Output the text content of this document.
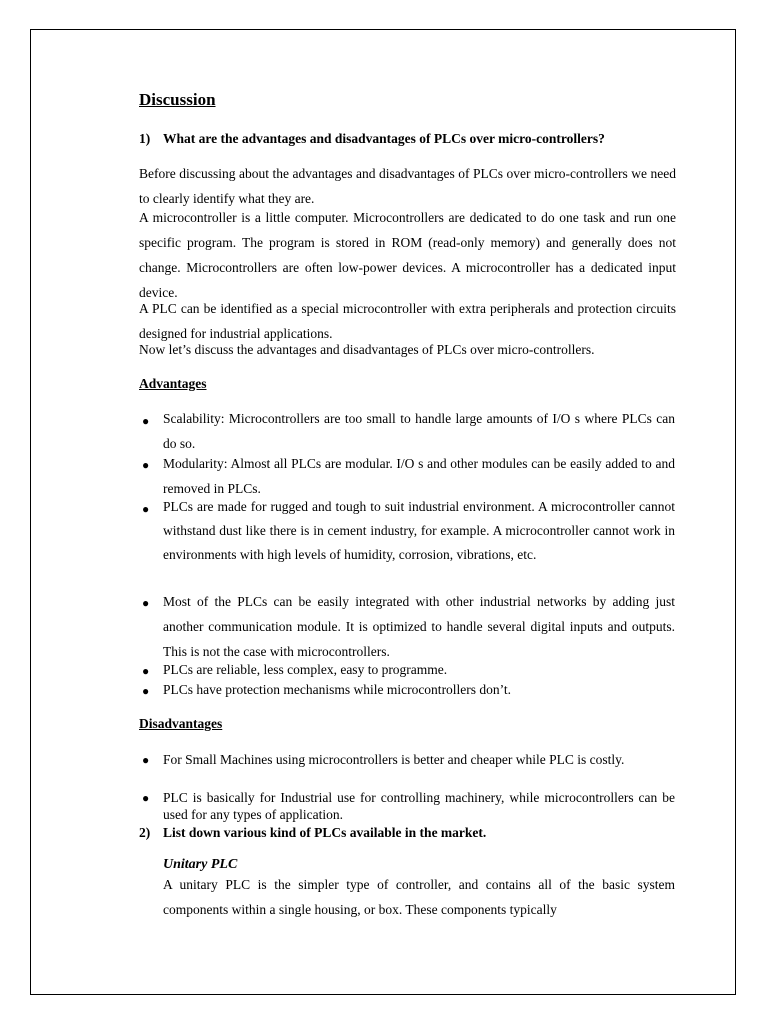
Discussion
1) What are the advantages and disadvantages of PLCs over micro-controllers?

Before discussing about the advantages and disadvantages of PLCs over micro-controllers we need to clearly identify what they are.

A microcontroller is a little computer. Microcontrollers are dedicated to do one task and run one specific program. The program is stored in ROM (read-only memory) and generally does not change. Microcontrollers are often low-power devices. A microcontroller has a dedicated input device.

A PLC can be identified as a special microcontroller with extra peripherals and protection circuits designed for industrial applications.

Now let’s discuss the advantages and disadvantages of PLCs over micro-controllers.

Advantages
● Scalability: Microcontrollers are too small to handle large amounts of I/O s where PLCs can do so.
● Modularity: Almost all PLCs are modular. I/O s and other modules can be easily added to and removed in PLCs.
● PLCs are made for rugged and tough to suit industrial environment. A microcontroller cannot withstand dust like there is in cement industry, for example. A microcontroller cannot work in environments with high levels of humidity, corrosion, vibrations, etc.
● Most of the PLCs can be easily integrated with other industrial networks by adding just another communication module. It is optimized to handle several digital inputs and outputs. This is not the case with microcontrollers.
● PLCs are reliable, less complex, easy to programme.
● PLCs have protection mechanisms while microcontrollers don’t.
Disadvantages
● For Small Machines using microcontrollers is better and cheaper while PLC is costly.
● PLC is basically for Industrial use for controlling machinery, while microcontrollers can be used for any types of application.
2) List down various kind of PLCs available in the market.
Unitary PLC

A unitary PLC is the simpler type of controller, and contains all of the basic system components within a single housing, or box. These components typically
